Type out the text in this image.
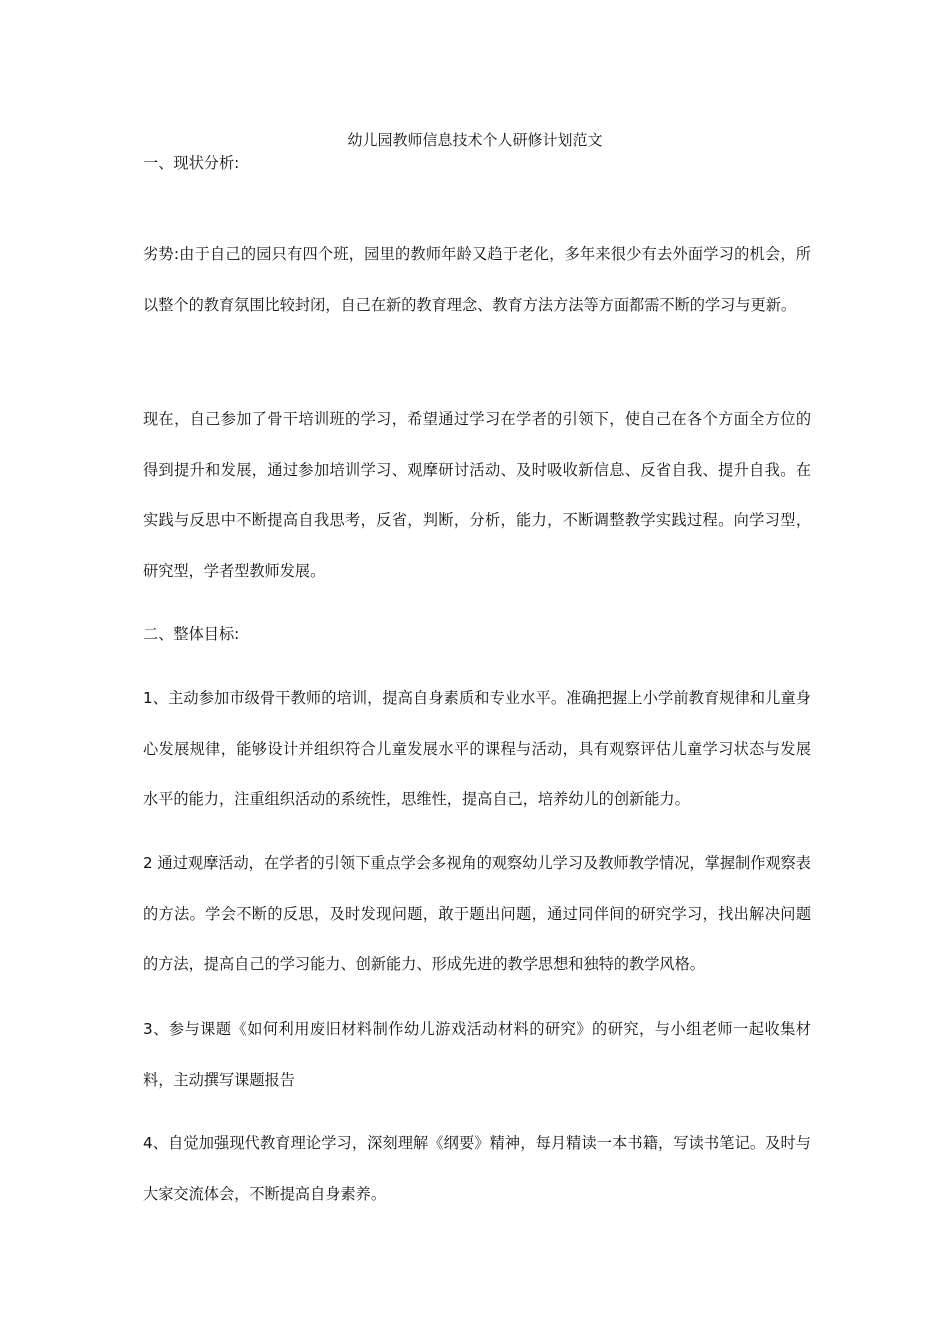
幼儿园教师信息技术个人研修计划范文
一、现状分析:
劣势:由于自己的园只有四个班，园里的教师年龄又趋于老化，多年来很少有去外面学习的机会，所以整个的教育氛围比较封闭，自己在新的教育理念、教育方法方法等方面都需不断的学习与更新。
现在，自己参加了骨干培训班的学习，希望通过学习在学者的引领下，使自己在各个方面全方位的得到提升和发展，通过参加培训学习、观摩研讨活动、及时吸收新信息、反省自我、提升自我。在实践与反思中不断提高自我思考，反省，判断，分析，能力，不断调整教学实践过程。向学习型，研究型，学者型教师发展。
二、整体目标:
1、主动参加市级骨干教师的培训，提高自身素质和专业水平。准确把握上小学前教育规律和儿童身心发展规律，能够设计并组织符合儿童发展水平的课程与活动，具有观察评估儿童学习状态与发展水平的能力，注重组织活动的系统性，思维性，提高自己，培养幼儿的创新能力。
2 通过观摩活动，在学者的引领下重点学会多视角的观察幼儿学习及教师教学情况，掌握制作观察表的方法。学会不断的反思，及时发现问题，敢于题出问题，通过同伴间的研究学习，找出解决问题的方法，提高自己的学习能力、创新能力、形成先进的教学思想和独特的教学风格。
3、参与课题《如何利用废旧材料制作幼儿游戏活动材料的研究》的研究，与小组老师一起收集材料，主动撰写课题报告
4、自觉加强现代教育理论学习，深刻理解《纲要》精神，每月精读一本书籍，写读书笔记。及时与大家交流体会，不断提高自身素养。
